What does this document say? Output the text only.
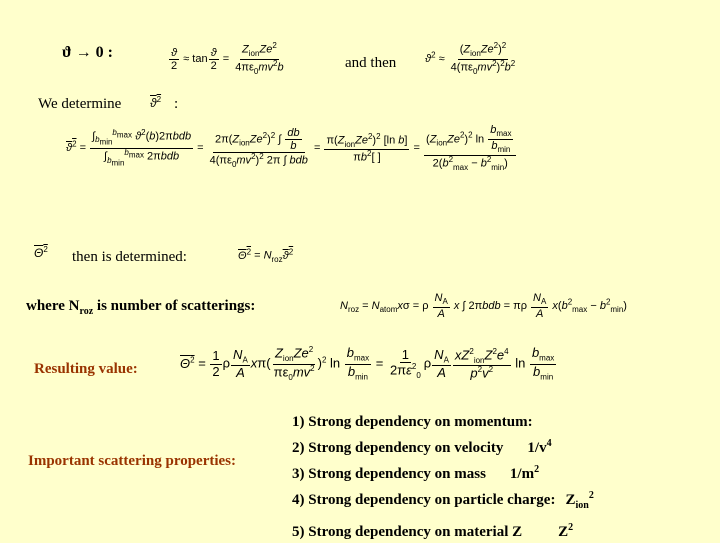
ϑ → 0 :	$\frac{ϑ}{2} \approx \tan \frac{ϑ}{2} = \frac{Z_{ion}Ze^2}{4\pi\varepsilon_0mv^2b}$	and then	$ϑ^2 \approx \frac{(Z_{ion}Ze^2)^2}{4(\pi\varepsilon_0mv^2)^2b^2}$
We determine $ϑ^2$ :
$ϑ^2 = \frac{\int_{b_{min}}^{b_{max}} ϑ^2(b)2\pi bdb}{\int_{b_{min}}^{b_{max}} 2\pi bdb} = \frac{2\pi(Z_{ion}Ze^2)^2 \int \frac{db}{b}}{4(\pi\varepsilon_0mv^2)^2 2\pi \int bdb} = \frac{\pi(Z_{ion}Ze^2)^2 [\ln b]}{\pi b^2[ ]} = \frac{(Z_{ion}Ze^2)^2 \ln \frac{b_{max}}{b_{min}}}{2(b^2_{max} - b^2_{min})}$
$\Theta^2$ then is determined:	$\Theta^2 = N_{roz}ϑ^2$
where $N_{roz}$ is number of scatterings:	$N_{roz} = N_{atom}x\sigma = \rho \frac{N_A}{A}$ x ∫ 2πbdb = πρ $\frac{N_A}{A} x(b^2_{max} - b^2_{min})$
Resulting value:	$\Theta^2 = \frac{1}{2}$ ρ $\frac{N_A}{A} x\pi( \frac{Z_{ion}Ze^2}{\pi\varepsilon_0mv^2} )^2$ $\ln \frac{b_{max}}{b_{min}} = \frac{1}{2\pi\varepsilon^2_0}$ ρ $\frac{N_A}{A} \frac{xZ^2_{ion}Z^2e^4}{p^2v^2}$ $\ln \frac{b_{max}}{b_{min}}$
Important scattering properties:
1) Strong dependency on momentum:
2) Strong dependency on velocity $1/v^4$
3) Strong dependency on mass $1/m^2$
4) Strong dependency on particle charge: $Z_{ion}^2$
5) Strong dependency on material Z $Z^2$
